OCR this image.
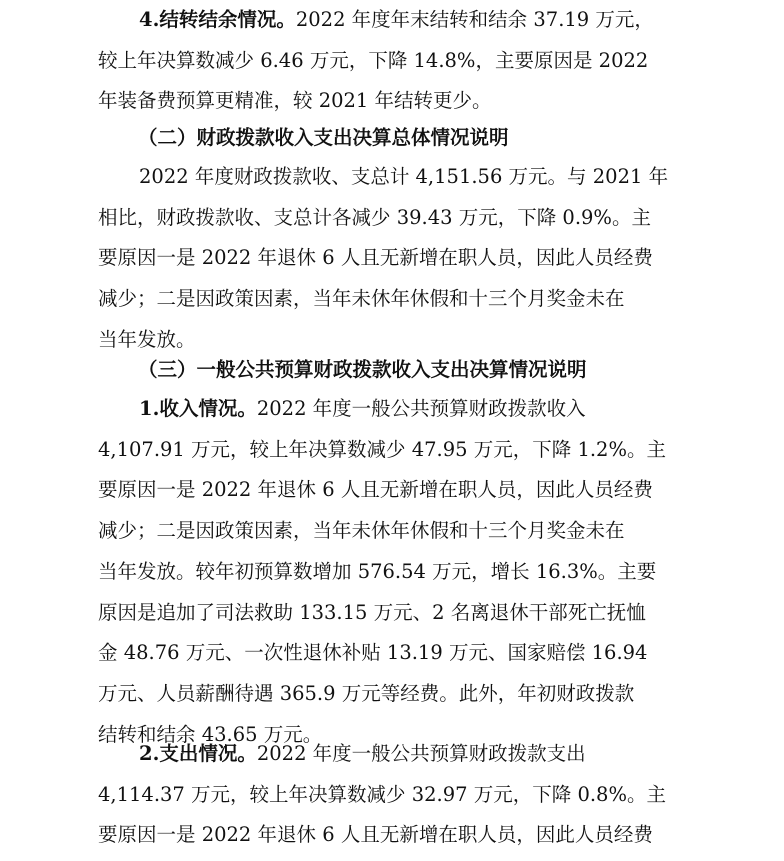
4.结转结余情况。2022 年度年末结转和结余 37.19 万元，
较上年决算数减少 6.46 万元，下降 14.8%，主要原因是 2022
年装备费预算更精准，较 2021 年结转更少。

（二）财政拨款收入支出决算总体情况说明

2022 年度财政拨款收、支总计 4,151.56 万元。与 2021 年
相比，财政拨款收、支总计各减少 39.43 万元，下降 0.9%。主
要原因一是 2022 年退休 6 人且无新增在职人员，因此人员经费
减少；二是因政策因素，当年未休年休假和十三个月奖金未在
当年发放。

（三）一般公共预算财政拨款收入支出决算情况说明

1.收入情况。2022 年度一般公共预算财政拨款收入
4,107.91 万元，较上年决算数减少 47.95 万元，下降 1.2%。主
要原因一是 2022 年退休 6 人且无新增在职人员，因此人员经费
减少；二是因政策因素，当年未休年休假和十三个月奖金未在
当年发放。较年初预算数增加 576.54 万元，增长 16.3%。主要
原因是追加了司法救助 133.15 万元、2 名离退休干部死亡抚恤
金 48.76 万元、一次性退休补贴 13.19 万元、国家赔偿 16.94
万元、人员薪酬待遇 365.9 万元等经费。此外，年初财政拨款
结转和结余 43.65 万元。
2.支出情况。2022 年度一般公共预算财政拨款支出
4,114.37 万元，较上年决算数减少 32.97 万元，下降 0.8%。主
要原因一是 2022 年退休 6 人且无新增在职人员，因此人员经费
